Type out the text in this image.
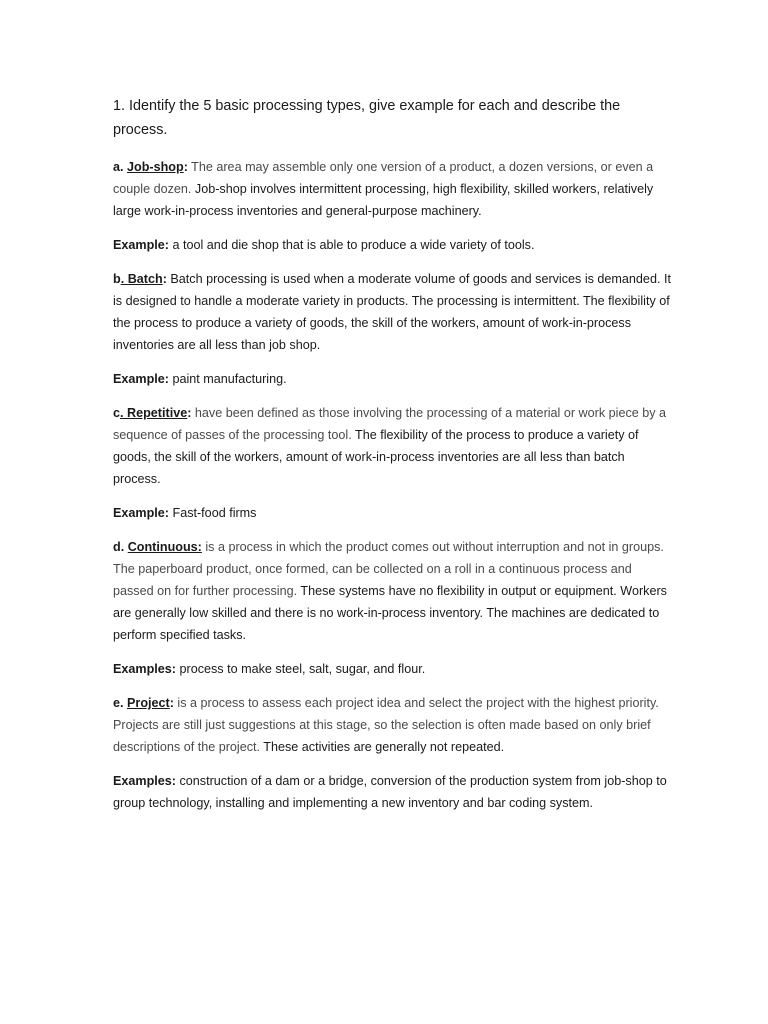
1. Identify the 5 basic processing types, give example for each and describe the process.

a. Job-shop: The area may assemble only one version of a product, a dozen versions, or even a couple dozen. Job-shop involves intermittent processing, high flexibility, skilled workers, relatively large work-in-process inventories and general-purpose machinery.

Example: a tool and die shop that is able to produce a wide variety of tools.

b. Batch: Batch processing is used when a moderate volume of goods and services is demanded. It is designed to handle a moderate variety in products. The processing is intermittent. The flexibility of the process to produce a variety of goods, the skill of the workers, amount of work-in-process inventories are all less than job shop.

Example: paint manufacturing.

c. Repetitive: have been defined as those involving the processing of a material or work piece by a sequence of passes of the processing tool. The flexibility of the process to produce a variety of goods, the skill of the workers, amount of work-in-process inventories are all less than batch process.

Example: Fast-food firms

d. Continuous: is a process in which the product comes out without interruption and not in groups. The paperboard product, once formed, can be collected on a roll in a continuous process and passed on for further processing. These systems have no flexibility in output or equipment. Workers are generally low skilled and there is no work-in-process inventory. The machines are dedicated to perform specified tasks.

Examples: process to make steel, salt, sugar, and flour.

e. Project: is a process to assess each project idea and select the project with the highest priority. Projects are still just suggestions at this stage, so the selection is often made based on only brief descriptions of the project. These activities are generally not repeated.

Examples: construction of a dam or a bridge, conversion of the production system from job-shop to group technology, installing and implementing a new inventory and bar coding system.
